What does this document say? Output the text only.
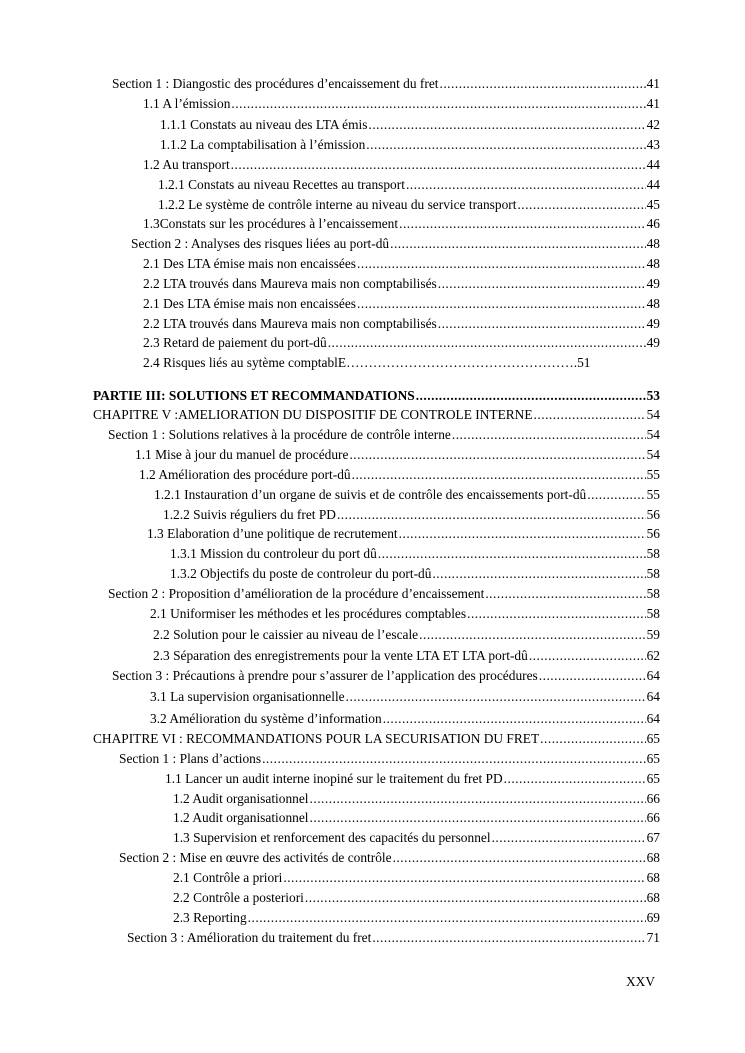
Section 1 : Diangostic des procédures d’encaissement du fret .....	41
1.1 A l’émission .....	41
1.1.1 Constats au niveau des LTA émis .....	42
1.1.2 La comptabilisation à l’émission .....	43
1.2 Au transport .....	44
1.2.1 Constats au niveau Recettes au transport .....	44
1.2.2 Le système de contrôle interne au niveau du service transport .....	45
1.3Constats sur les procédures à l’encaissement .....	46
Section 2 : Analyses des risques liées au port-dû .....	48
2.1 Des LTA émise mais non encaissées .....	48
2.2 LTA trouvés dans Maureva mais non comptabilisés .....	49
2.1 Des LTA émise mais non encaissées .....	48
2.2 LTA trouvés dans Maureva mais non comptabilisés .....	49
2.3 Retard de paiement du port-dû .....	49
2.4 Risques liés au sytème comptablE ……………………………………………. 51
PARTIE III: SOLUTIONS ET RECOMMANDATIONS .....	53
CHAPITRE V :AMELIORATION DU DISPOSITIF DE CONTROLE INTERNE .....	54
Section 1 : Solutions relatives à la procédure de contrôle interne .....	54
1.1 Mise à jour du manuel de procédure .....	54
1.2 Amélioration des procédure port-dû .....	55
1.2.1 Instauration d’un organe de suivis et de contrôle des encaissements port-dû .....	55
1.2.2 Suivis réguliers du fret PD .....	56
1.3 Elaboration d’une politique de recrutement .....	56
1.3.1 Mission du controleur du port dû .....	58
1.3.2 Objectifs du poste de controleur du port-dû .....	58
Section 2 : Proposition d’amélioration de la procédure d’encaissement .....	58
2.1 Uniformiser les méthodes et les procédures comptables .....	58
2.2 Solution pour le caissier au niveau de l’escale .....	59
2.3 Séparation des enregistrements pour la vente LTA ET LTA port-dû .....	62
Section 3 : Précautions à prendre pour s’assurer de l’application des procédures .....	64
3.1 La supervision organisationnelle .....	64
3.2 Amélioration du système d’information .....	64
CHAPITRE VI : RECOMMANDATIONS POUR LA SECURISATION DU FRET .....	65
Section 1 : Plans d’actions .....	65
1.1 Lancer un audit interne inopiné sur le traitement du fret PD .....	65
1.2 Audit organisationnel .....	66
1.2 Audit organisationnel .....	66
1.3 Supervision et renforcement des capacités du personnel .....	67
Section 2 : Mise en œuvre des activités de contrôle .....	68
2.1 Contrôle a priori .....	68
2.2 Contrôle a posteriori .....	68
2.3 Reporting .....	69
Section 3 : Amélioration du traitement du fret .....	71
XXV
